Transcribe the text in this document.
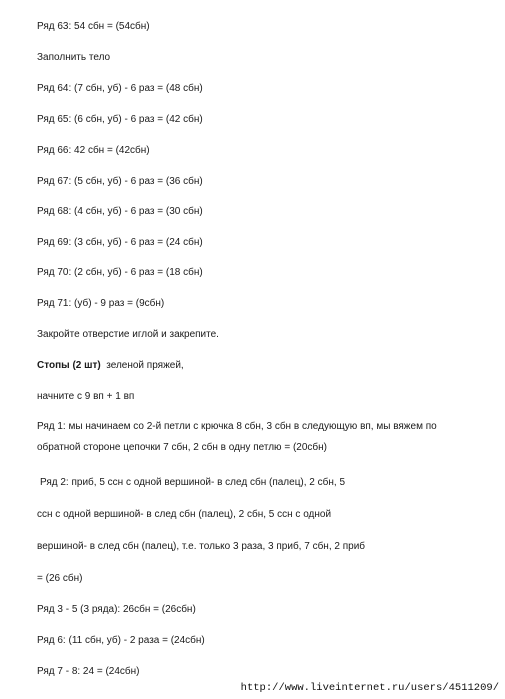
Ряд 63: 54 сбн = (54сбн)
Заполнить тело
Ряд 64: (7 сбн, уб) - 6 раз = (48 сбн)
Ряд 65: (6 сбн, уб) - 6 раз = (42 сбн)
Ряд 66: 42 сбн = (42сбн)
Ряд 67: (5 сбн, уб) - 6 раз = (36 сбн)
Ряд 68: (4 сбн, уб) - 6 раз = (30 сбн)
Ряд 69: (3 сбн, уб) - 6 раз = (24 сбн)
Ряд 70: (2 сбн, уб) - 6 раз = (18 сбн)
Ряд 71: (уб) - 9 раз = (9сбн)
Закройте отверстие иглой и закрепите.
Стопы (2 шт)  зеленой пряжей,
начните с 9 вп + 1 вп
Ряд 1: мы начинаем со 2-й петли с крючка 8 сбн, 3 сбн в следующую вп, мы вяжем по
обратной стороне цепочки 7 сбн, 2 сбн в одну петлю = (20сбн)
Ряд 2: приб, 5 ссн с одной вершиной- в след сбн (палец), 2 сбн, 5
ссн с одной вершиной- в след сбн (палец), 2 сбн, 5 ссн с одной
вершиной- в след сбн (палец), т.е. только 3 раза, 3 приб, 7 сбн, 2 приб
= (26 сбн)
Ряд 3 - 5 (3 ряда): 26сбн = (26сбн)
Ряд 6: (11 сбн, уб) - 2 раза = (24сбн)
Ряд 7 - 8: 24 = (24сбн)
http://www.liveinternet.ru/users/4511209/
